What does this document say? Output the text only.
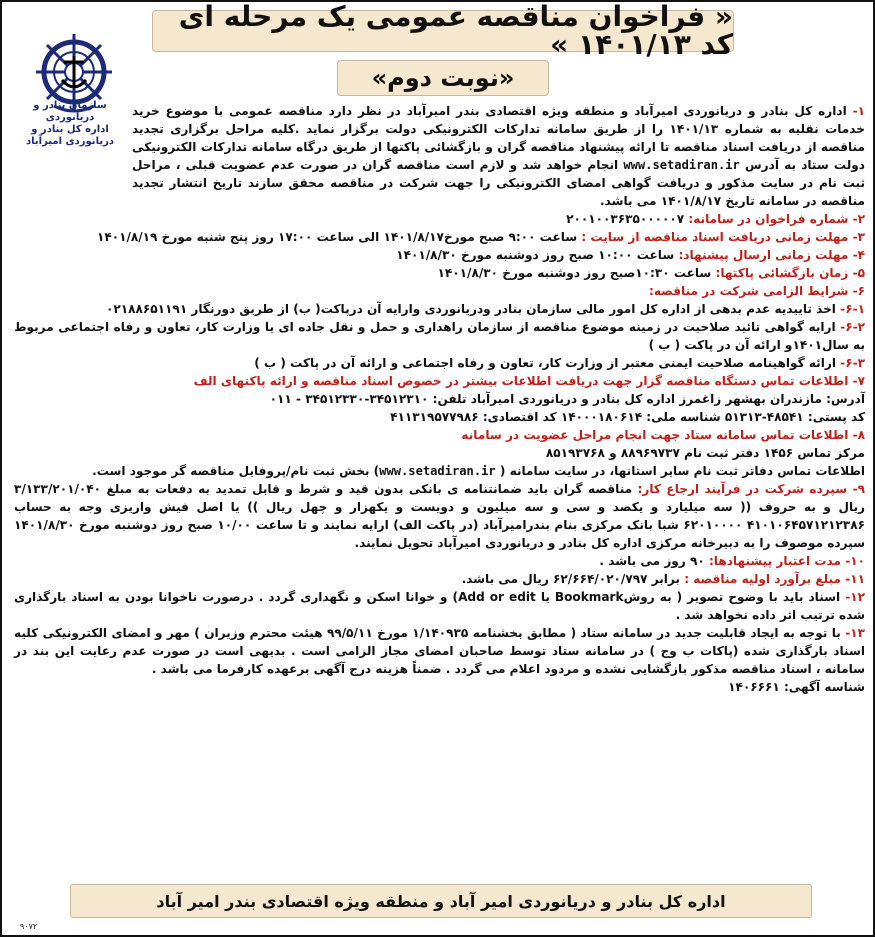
« فراخوان مناقصه عمومی یک مرحله ای کد ۱۴۰۱/۱۳ »
«نوبت دوم»
سازمان بنادر و دریانوردی
اداره کل بنادر و دریانوردی امیرآباد

۱- اداره کل بنادر و دریانوردی امیرآباد و منطقه ویژه اقتصادی بندر امیرآباد در نظر دارد مناقصه عمومی با موضوع خرید خدمات نقلیه به شماره ۱۴۰۱/۱۳ را از طریق سامانه تدارکات الکترونیکی دولت برگزار نماید .کلیه مراحل برگزاری تجدید مناقصه از دریافت اسناد مناقصه تا ارائه پیشنهاد مناقصه گران و بازگشائی پاکتها از طریق درگاه سامانه تدارکات الکترونیکی دولت ستاد به آدرس www.setadiran.ir انجام خواهد شد و لازم است مناقصه گران در صورت عدم عضویت قبلی ، مراحل ثبت نام در سایت مذکور و دریافت گواهی امضای الکترونیکی را جهت شرکت در مناقصه محقق سازند تاریخ انتشار تجدید مناقصه در سامانه تاریخ ۱۴۰۱/۸/۱۷ می باشد.

۲- شماره فراخوان در سامانه: ۲۰۰۱۰۰۳۶۳۵۰۰۰۰۰۷

۳- مهلت زمانی دریافت اسناد مناقصه از سایت : ساعت ۹:۰۰ صبح مورخ۱۴۰۱/۸/۱۷ الی ساعت ۱۷:۰۰ روز پنج شنبه مورخ ۱۴۰۱/۸/۱۹

۴- مهلت زمانی ارسال پیشنهاد: ساعت ۱۰:۰۰ صبح روز دوشنبه مورخ ۱۴۰۱/۸/۳۰

۵- زمان بازگشائی پاکتها: ساعت ۱۰:۳۰صبح روز دوشنبه مورخ ۱۴۰۱/۸/۳۰

۶- شرایط الزامی شرکت در مناقصه:

۶-۱- اخذ تاییدیه عدم بدهی از اداره کل امور مالی سازمان بنادر ودریانوردی وارایه آن درپاکت( ب) از طریق دورنگار ۰۲۱۸۸۶۵۱۱۹۱

۶-۲- ارایه گواهی تائید صلاحیت در زمینه موضوع مناقصه از سازمان راهداری و حمل و نقل جاده ای یا وزارت کار، تعاون و رفاه اجتماعی مربوط به سال۱۴۰۱و ارائه آن در پاکت ( ب )

۶-۳- ارائه گواهینامه صلاحیت ایمنی معتبر از وزارت کار، تعاون و رفاه اجتماعی و ارائه آن در پاکت ( ب )

۷- اطلاعات تماس دستگاه مناقصه گزار جهت دریافت اطلاعات بیشتر در خصوص اسناد مناقصه و ارائه پاکتهای الف

آدرس: مازندران بهشهر زاغمرز اداره کل بنادر و دریانوردی امیرآباد تلفن: ۳۴۵۱۲۳۱۰-۳۴۵۱۲۳۳۰ - ۰۱۱

کد پستی: ۴۸۵۴۱-۵۱۳۱۳ شناسه ملی: ۱۴۰۰۰۱۸۰۶۱۴ کد اقتصادی: ۴۱۱۳۱۹۵۷۷۹۸۶

۸- اطلاعات تماس سامانه ستاد جهت انجام مراحل عضویت در سامانه

مرکز تماس ۱۴۵۶ دفتر ثبت نام ۸۸۹۶۹۷۳۷ و ۸۵۱۹۳۷۶۸

اطلاعات تماس دفاتر ثبت نام سایر استانها، در سایت سامانه ( www.setadiran.ir) بخش ثبت نام/پروفایل مناقصه گر موجود است.

۹- سپرده شرکت در فرآیند ارجاع کار: مناقصه گران باید ضمانتنامه ی بانکی بدون قید و شرط و قابل تمدید به دفعات به مبلغ ۳/۱۳۳/۲۰۱/۰۴۰ ریال و به حروف (( سه میلیارد و یکصد و سی و سه میلیون و دویست و یکهزار و چهل ریال )) یا اصل فیش واریزی وجه به حساب ۴۱۰۱۰۶۴۵۷۱۲۱۲۳۸۶ ۶۲۰۱۰۰۰۰ شبا بانک مرکزی بنام بندرامیرآباد (در پاکت الف) ارایه نمایند و تا ساعت ۱۰/۰۰ صبح روز دوشنبه مورخ ۱۴۰۱/۸/۳۰ سپرده موصوف را به دبیرخانه مرکزی اداره کل بنادر و دریانوردی امیرآباد تحویل نمایند.

۱۰- مدت اعتبار پیشنهادها: ۹۰ روز می باشد .

۱۱- مبلغ برآورد اولیه مناقصه : برابر ۶۲/۶۶۴/۰۲۰/۷۹۷ ریال می باشد.

۱۲- اسناد باید با وضوح تصویر ( به روشBookmark یا Add or edit) و خوانا اسکن و نگهداری گردد . درصورت ناخوانا بودن به اسناد بارگذاری شده ترتیب اثر داده نخواهد شد .

۱۳- با توجه به ایجاد قابلیت جدید در سامانه ستاد ( مطابق بخشنامه ۱/۱۴۰۹۳۵ مورخ ۹۹/۵/۱۱ هیئت محترم وزیران ) مهر و امضای الکترونیکی کلیه اسناد بارگذاری شده (پاکات ب وج ) در سامانه ستاد توسط صاحبان امضای مجاز الزامی است . بدیهی است در صورت عدم رعایت این بند در سامانه ، اسناد مناقصه مذکور بازگشایی نشده و مردود اعلام می گردد . ضمناً هزینه درج آگهی برعهده کارفرما می باشد .

شناسه آگهی: ۱۴۰۶۶۶۱

اداره کل بنادر و دریانوردی امیر آباد و منطقه ویژه اقتصادی بندر امیر آباد
۹۰۷۲
